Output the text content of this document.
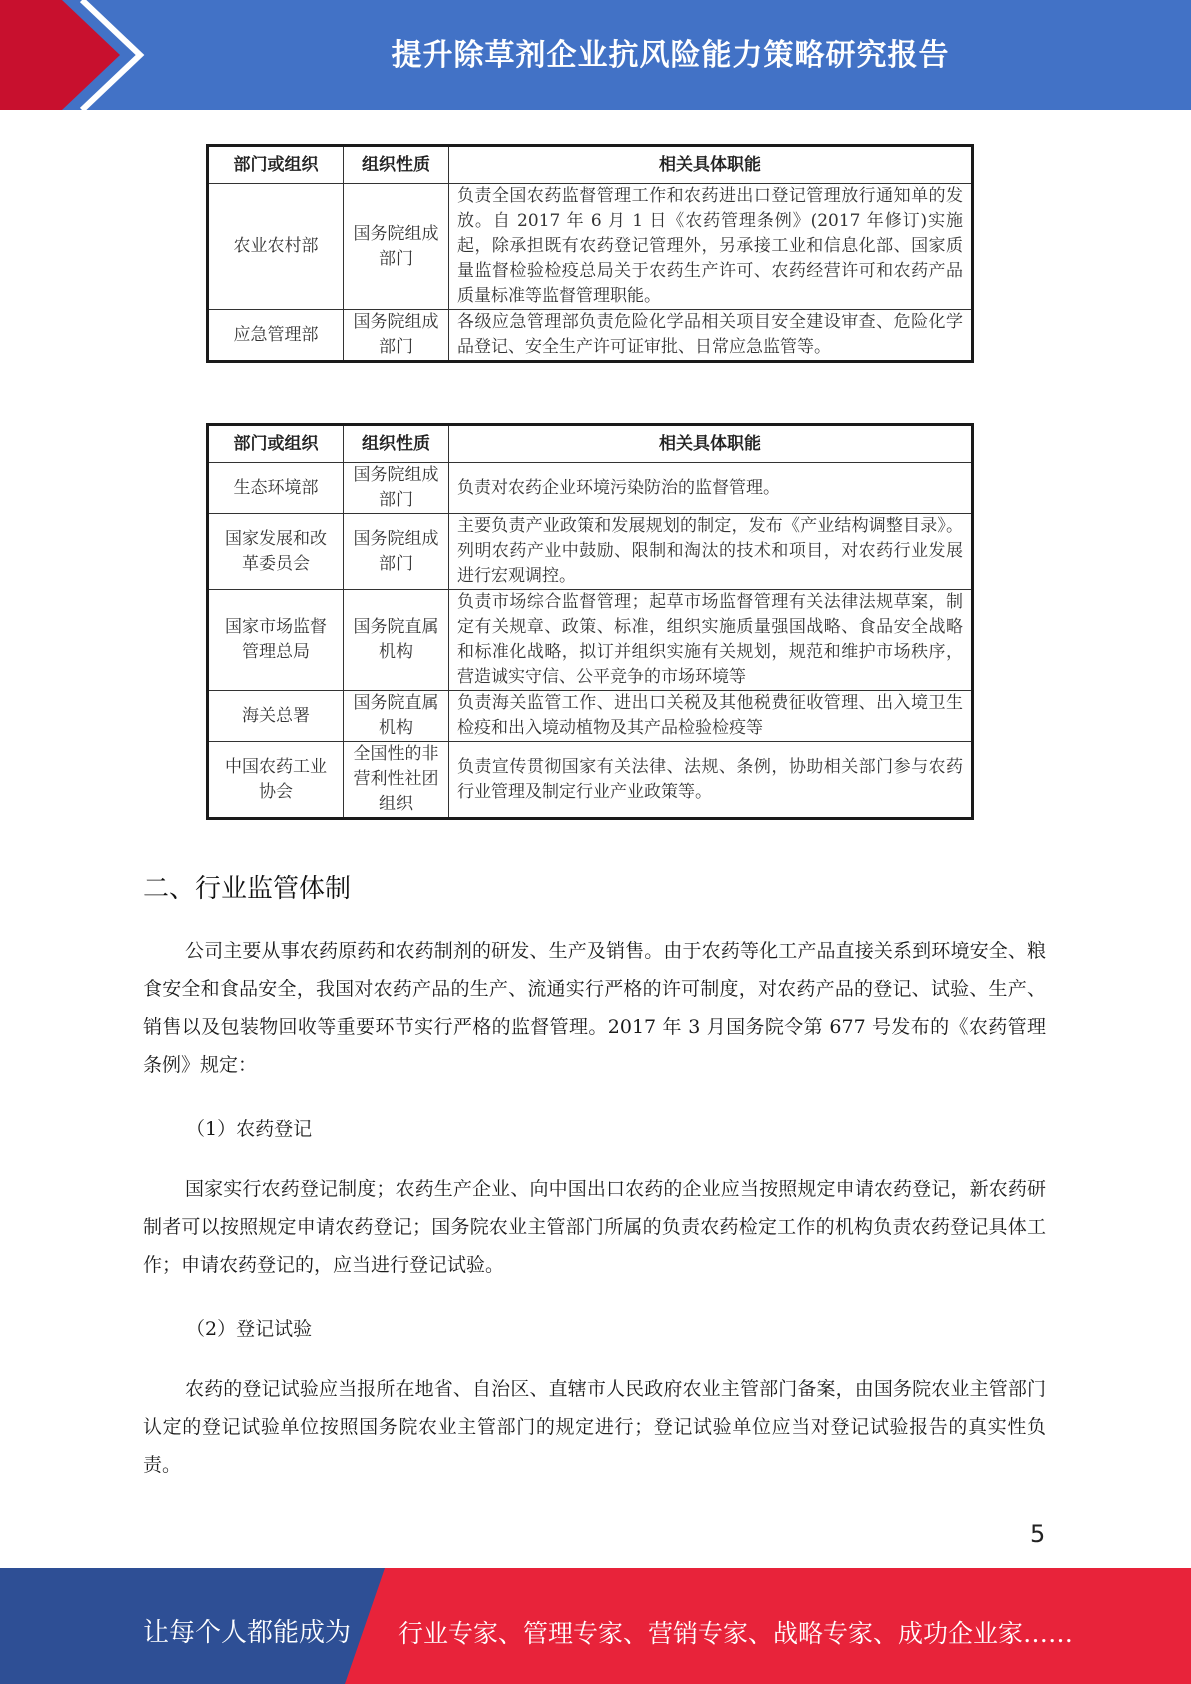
提升除草剂企业抗风险能力策略研究报告
部门或组织	组织性质	相关具体职能
农业农村部	国务院组成部门	负责全国农药监督管理工作和农药进出口登记管理放行通知单的发放。自 2017 年 6 月 1 日《农药管理条例》(2017 年修订)实施起，除承担既有农药登记管理外，另承接工业和信息化部、国家质量监督检验检疫总局关于农药生产许可、农药经营许可和农药产品质量标准等监督管理职能。
应急管理部	国务院组成部门	各级应急管理部负责危险化学品相关项目安全建设审查、危险化学品登记、安全生产许可证审批、日常应急监管等。
部门或组织	组织性质	相关具体职能
生态环境部	国务院组成部门	负责对农药企业环境污染防治的监督管理。
国家发展和改革委员会	国务院组成部门	主要负责产业政策和发展规划的制定，发布《产业结构调整目录》。列明农药产业中鼓励、限制和淘汰的技术和项目，对农药行业发展进行宏观调控。
国家市场监督管理总局	国务院直属机构	负责市场综合监督管理；起草市场监督管理有关法律法规草案，制定有关规章、政策、标准，组织实施质量强国战略、食品安全战略和标准化战略，拟订并组织实施有关规划，规范和维护市场秩序，营造诚实守信、公平竞争的市场环境等
海关总署	国务院直属机构	负责海关监管工作、进出口关税及其他税费征收管理、出入境卫生检疫和出入境动植物及其产品检验检疫等
中国农药工业协会	全国性的非营利性社团组织	负责宣传贯彻国家有关法律、法规、条例，协助相关部门参与农药行业管理及制定行业产业政策等。
二、行业监管体制
公司主要从事农药原药和农药制剂的研发、生产及销售。由于农药等化工产品直接关系到环境安全、粮食安全和食品安全，我国对农药产品的生产、流通实行严格的许可制度，对农药产品的登记、试验、生产、销售以及包装物回收等重要环节实行严格的监督管理。2017 年 3 月国务院令第 677 号发布的《农药管理条例》规定：
（1）农药登记
国家实行农药登记制度；农药生产企业、向中国出口农药的企业应当按照规定申请农药登记，新农药研制者可以按照规定申请农药登记；国务院农业主管部门所属的负责农药检定工作的机构负责农药登记具体工作；申请农药登记的，应当进行登记试验。
（2）登记试验
农药的登记试验应当报所在地省、自治区、直辖市人民政府农业主管部门备案，由国务院农业主管部门认定的登记试验单位按照国务院农业主管部门的规定进行；登记试验单位应当对登记试验报告的真实性负责。
5
让每个人都能成为 行业专家、管理专家、营销专家、战略专家、成功企业家……
